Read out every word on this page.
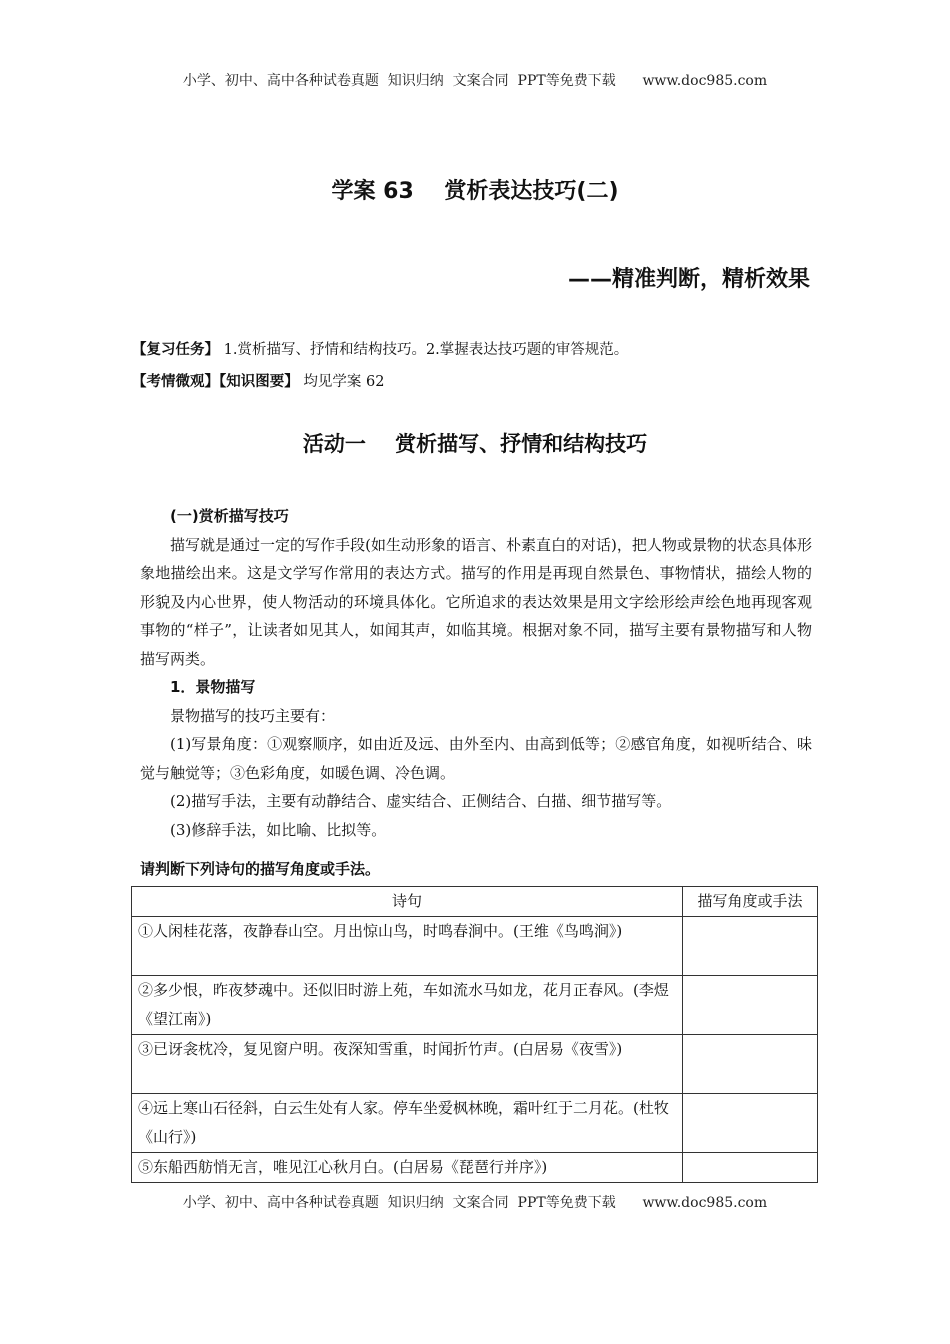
小学、初中、高中各种试卷真题  知识归纳  文案合同  PPT等免费下载      www.doc985.com
学案 63    赏析表达技巧(二)
——精准判断，精析效果
【复习任务】 1.赏析描写、抒情和结构技巧。2.掌握表达技巧题的审答规范。
【考情微观】【知识图要】 均见学案 62
活动一    赏析描写、抒情和结构技巧

(一)赏析描写技巧

描写就是通过一定的写作手段(如生动形象的语言、朴素直白的对话)，把人物或景物的状态具体形象地描绘出来。这是文学写作常用的表达方式。描写的作用是再现自然景色、事物情状，描绘人物的形貌及内心世界，使人物活动的环境具体化。它所追求的表达效果是用文字绘形绘声绘色地再现客观事物的“样子”，让读者如见其人，如闻其声，如临其境。根据对象不同，描写主要有景物描写和人物描写两类。

1．景物描写

景物描写的技巧主要有：

(1)写景角度：①观察顺序，如由近及远、由外至内、由高到低等；②感官角度，如视听结合、味觉与触觉等；③色彩角度，如暖色调、冷色调。

(2)描写手法，主要有动静结合、虚实结合、正侧结合、白描、细节描写等。

(3)修辞手法，如比喻、比拟等。

请判断下列诗句的描写角度或手法。
诗句	描写角度或手法
①人闲桂花落，夜静春山空。月出惊山鸟，时鸣春涧中。(王维《鸟鸣涧》)	
②多少恨，昨夜梦魂中。还似旧时游上苑，车如流水马如龙，花月正春风。(李煜《望江南》)	
③已讶衾枕冷，复见窗户明。夜深知雪重，时闻折竹声。(白居易《夜雪》)	
④远上寒山石径斜，白云生处有人家。停车坐爱枫林晚，霜叶红于二月花。(杜牧《山行》)	
⑤东船西舫悄无言，唯见江心秋月白。(白居易《琵琶行并序》)	
小学、初中、高中各种试卷真题  知识归纳  文案合同  PPT等免费下载      www.doc985.com
